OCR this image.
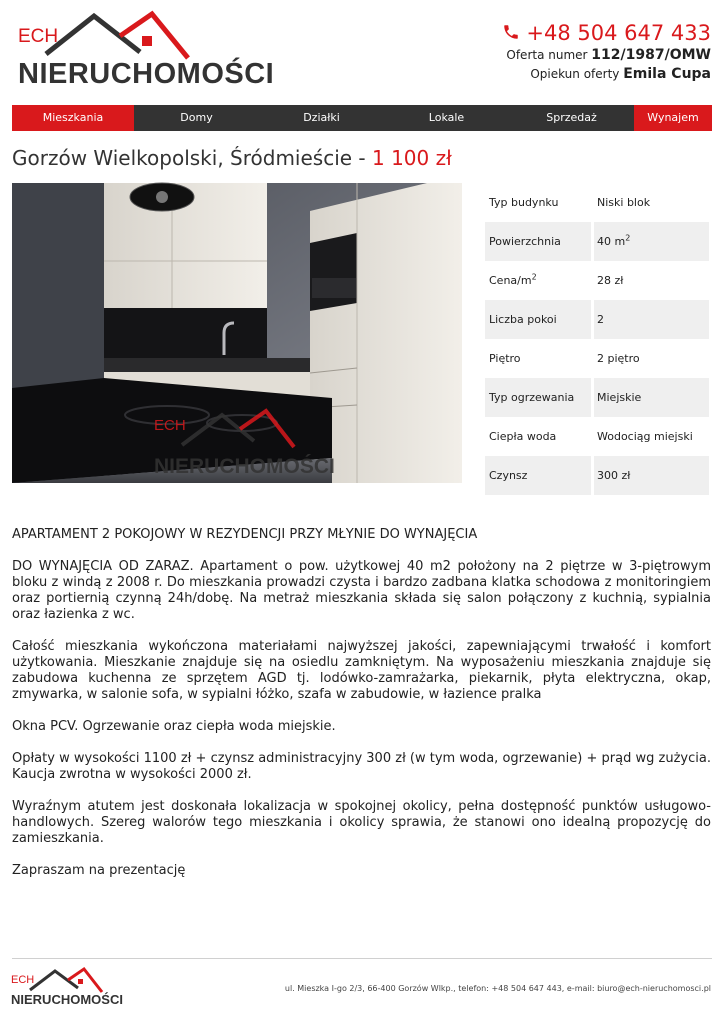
ECH
NIERUCHOMOŚCI
+48 504 647 433
Oferta numer 112/1987/OMW
Opiekun oferty Emila Cupa
Mieszkania	Domy	Działki	Lokale	Sprzedaż	Wynajem
Gorzów Wielkopolski, Śródmieście - 1 100 zł
ECH
NIERUCHOMOŚCI
Typ budynku	Niski blok
Powierzchnia	40 $m^2$
Cena/$m^2$	28 zł
Liczba pokoi	2
Piętro	2 piętro
Typ ogrzewania	Miejskie
Ciepła woda	Wodociąg miejski
Czynsz	300 zł

APARTAMENT 2 POKOJOWY W REZYDENCJI PRZY MŁYNIE DO WYNAJĘCIA

DO WYNAJĘCIA OD ZARAZ. Apartament o pow. użytkowej 40 m2 położony na 2 piętrze w 3-piętrowym bloku z windą z 2008 r. Do mieszkania prowadzi czysta i bardzo zadbana klatka schodowa z monitoringiem oraz portiernią czynną 24h/dobę. Na metraż mieszkania składa się salon połączony z kuchnią, sypialnia oraz łazienka z wc.

Całość mieszkania wykończona materiałami najwyższej jakości, zapewniającymi trwałość i komfort użytkowania. Mieszkanie znajduje się na osiedlu zamkniętym. Na wyposażeniu mieszkania znajduje się zabudowa kuchenna ze sprzętem AGD tj. lodówko-zamrażarka, piekarnik, płyta elektryczna, okap, zmywarka, w salonie sofa, w sypialni łóżko, szafa w zabudowie, w łazience pralka

Okna PCV. Ogrzewanie oraz ciepła woda miejskie.

Opłaty w wysokości 1100 zł + czynsz administracyjny 300 zł (w tym woda, ogrzewanie) + prąd wg zużycia. Kaucja zwrotna w wysokości 2000 zł.

Wyraźnym atutem jest doskonała lokalizacja w spokojnej okolicy, pełna dostępność punktów usługowo-handlowych. Szereg walorów tego mieszkania i okolicy sprawia, że stanowi ono idealną propozycję do zamieszkania.

Zapraszam na prezentację

ECH
NIERUCHOMOŚCI
ul. Mieszka I-go 2/3, 66-400 Gorzów Wlkp., telefon: +48 504 647 443, e-mail: biuro@ech-nieruchomosci.pl
